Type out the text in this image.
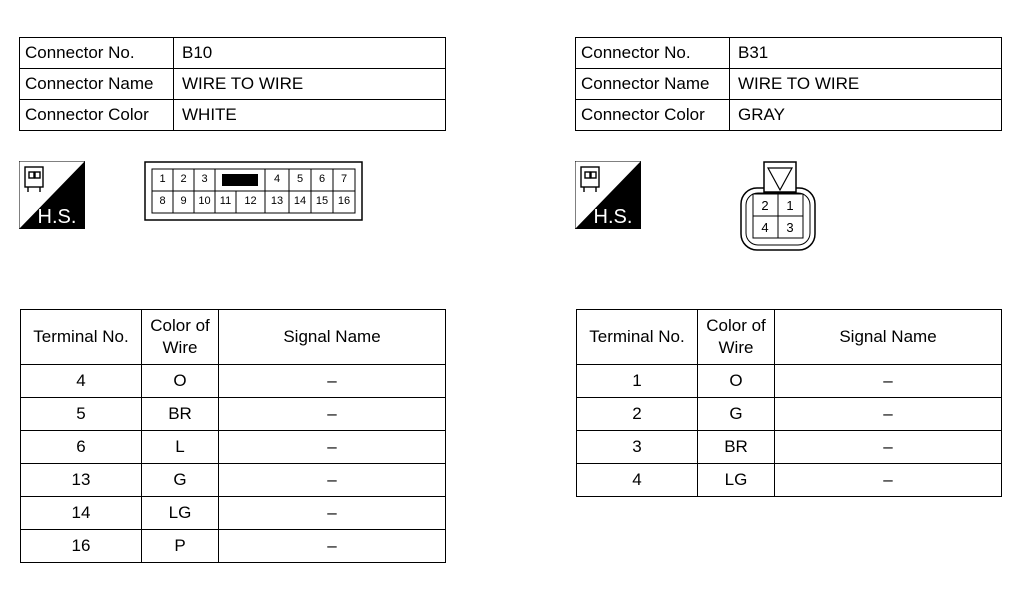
Connector No.	B10
Connector Name	WIRE TO WIRE
Connector Color	WHITE
H.S.
1	2	3	4	5	6	7
8	9	10 11	12	13 14 15 16
Terminal No.	Color of Wire	Signal Name
4	O	–
5	BR	–
6	L	–
13	G	–
14	LG	–
16	P	–
Connector No.	B31
Connector Name	WIRE TO WIRE
Connector Color	GRAY
H.S.
2	1
4	3
Terminal No.	Color of Wire	Signal Name
1	O	–
2	G	–
3	BR	–
4	LG	–
